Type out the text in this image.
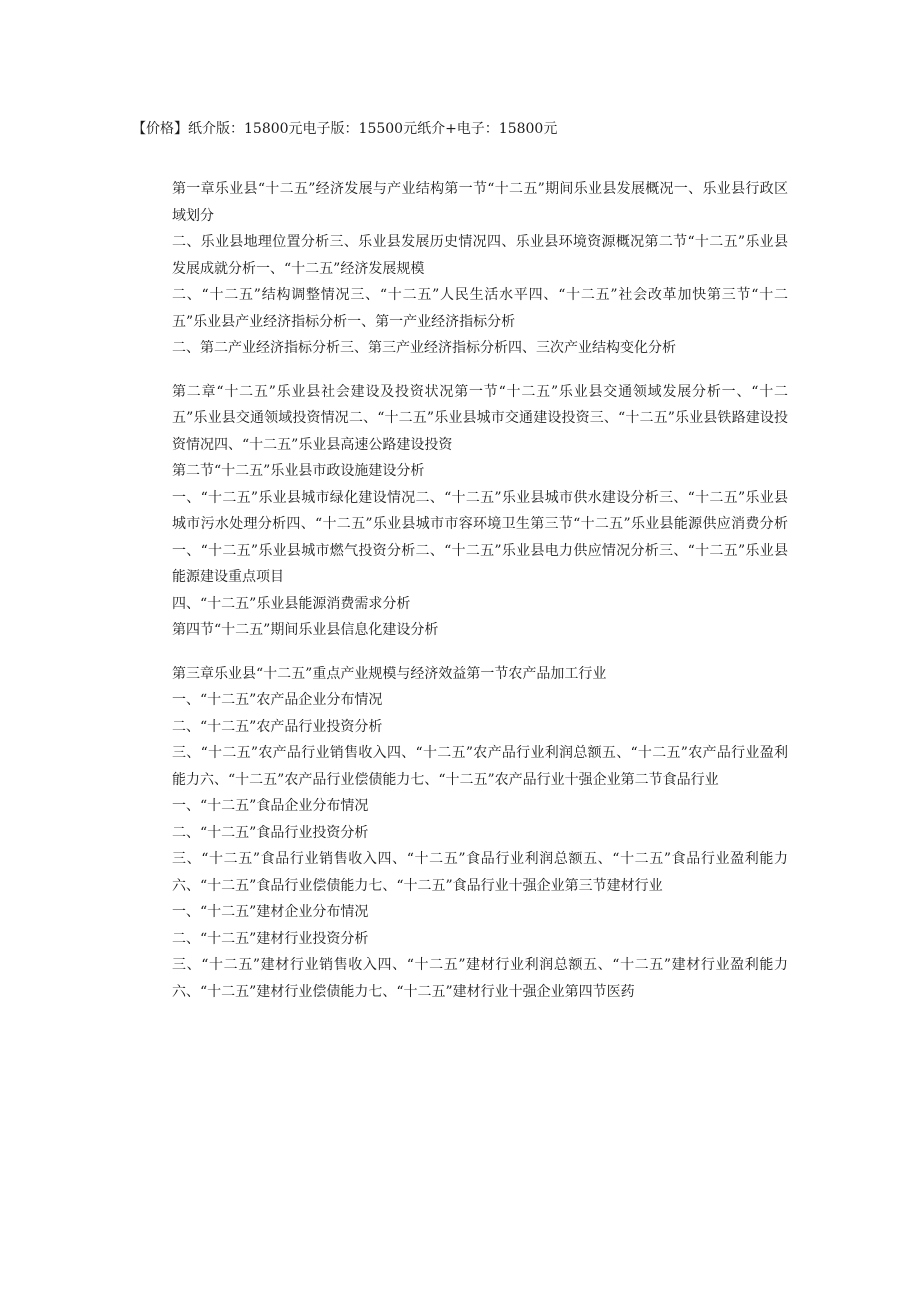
【价格】纸介版：15800元电子版：15500元纸介+电子：15800元

第一章乐业县“十二五”经济发展与产业结构第一节“十二五”期间乐业县发展概况一、乐业县行政区域划分

二、乐业县地理位置分析三、乐业县发展历史情况四、乐业县环境资源概况第二节“十二五”乐业县发展成就分析一、“十二五”经济发展规模

二、“十二五”结构调整情况三、“十二五”人民生活水平四、“十二五”社会改革加快第三节“十二五”乐业县产业经济指标分析一、第一产业经济指标分析

二、第二产业经济指标分析三、第三产业经济指标分析四、三次产业结构变化分析

第二章“十二五”乐业县社会建设及投资状况第一节“十二五”乐业县交通领域发展分析一、“十二五”乐业县交通领域投资情况二、“十二五”乐业县城市交通建设投资三、“十二五”乐业县铁路建设投资情况四、“十二五”乐业县高速公路建设投资

第二节“十二五”乐业县市政设施建设分析

一、“十二五”乐业县城市绿化建设情况二、“十二五”乐业县城市供水建设分析三、“十二五”乐业县城市污水处理分析四、“十二五”乐业县城市市容环境卫生第三节“十二五”乐业县能源供应消费分析一、“十二五”乐业县城市燃气投资分析二、“十二五”乐业县电力供应情况分析三、“十二五”乐业县能源建设重点项目

四、“十二五”乐业县能源消费需求分析

第四节“十二五”期间乐业县信息化建设分析

第三章乐业县“十二五”重点产业规模与经济效益第一节农产品加工行业

一、“十二五”农产品企业分布情况

二、“十二五”农产品行业投资分析

三、“十二五”农产品行业销售收入四、“十二五”农产品行业利润总额五、“十二五”农产品行业盈利能力六、“十二五”农产品行业偿债能力七、“十二五”农产品行业十强企业第二节食品行业

一、“十二五”食品企业分布情况

二、“十二五”食品行业投资分析

三、“十二五”食品行业销售收入四、“十二五”食品行业利润总额五、“十二五”食品行业盈利能力六、“十二五”食品行业偿债能力七、“十二五”食品行业十强企业第三节建材行业

一、“十二五”建材企业分布情况

二、“十二五”建材行业投资分析

三、“十二五”建材行业销售收入四、“十二五”建材行业利润总额五、“十二五”建材行业盈利能力六、“十二五”建材行业偿债能力七、“十二五”建材行业十强企业第四节医药
